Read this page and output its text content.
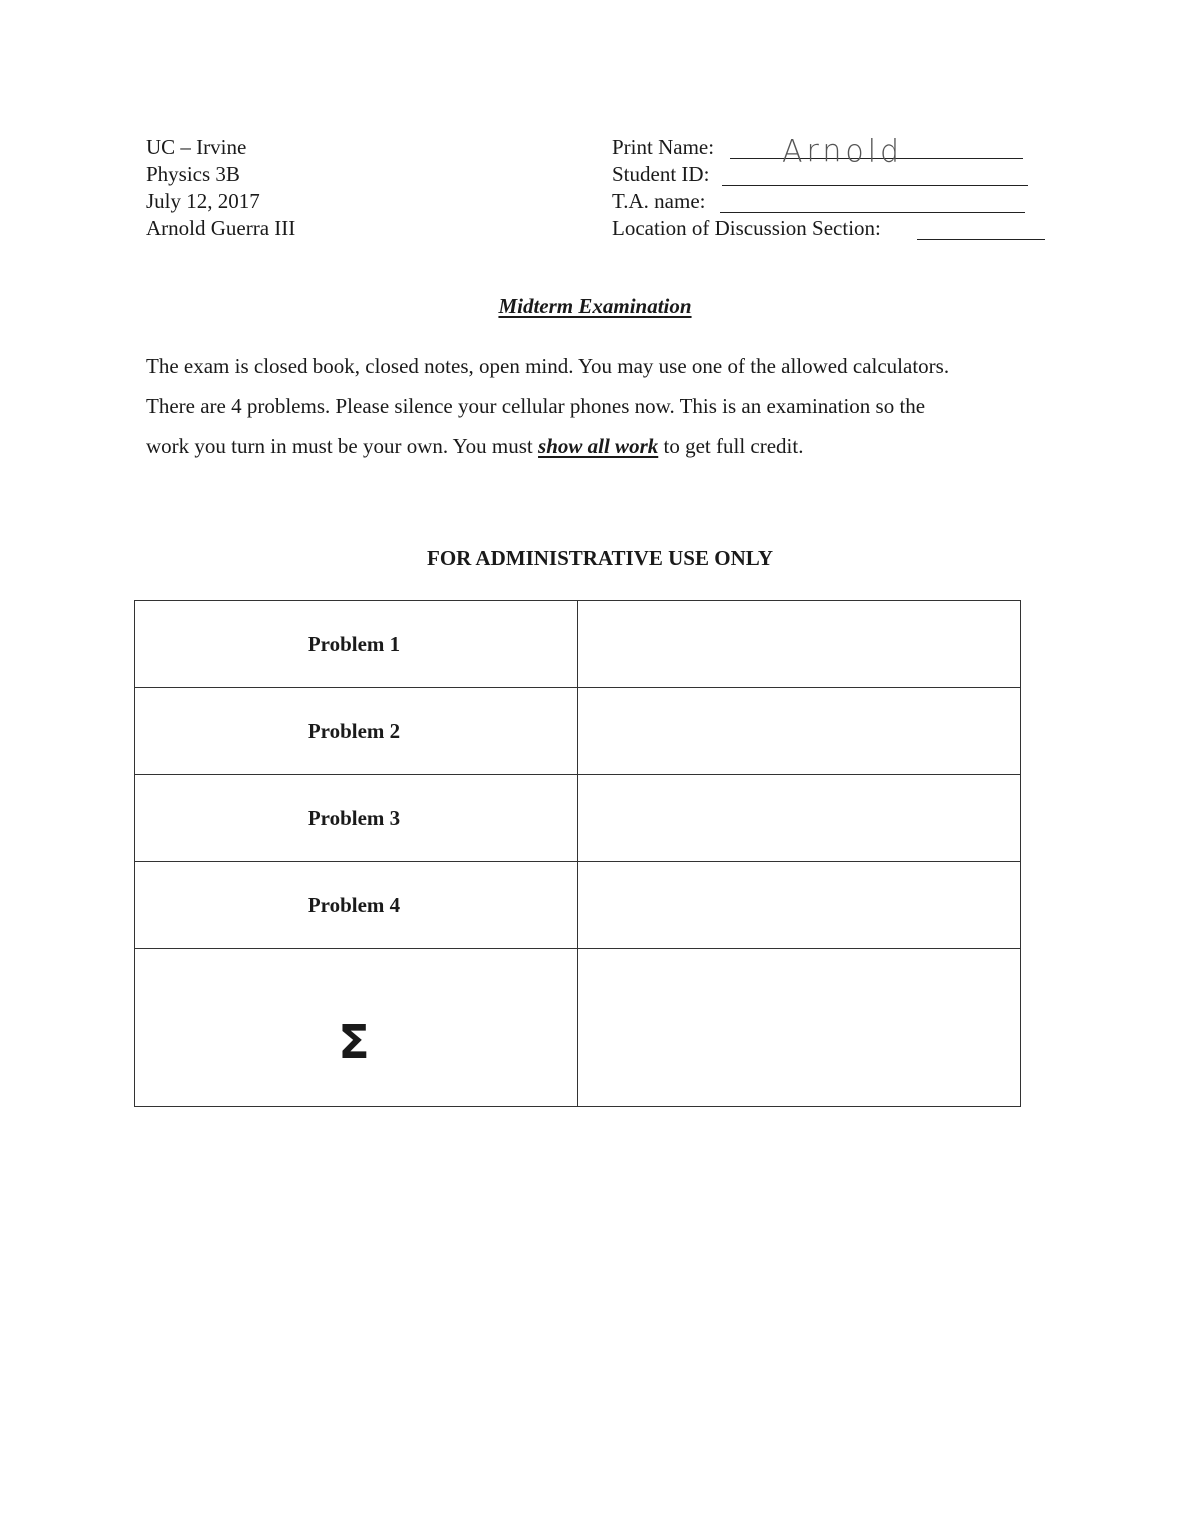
UC – Irvine
Physics 3B
July 12, 2017
Arnold Guerra III
Print Name: Arnold
Student ID:
T.A. name:
Location of Discussion Section:
Midterm Examination
The exam is closed book, closed notes, open mind. You may use one of the allowed calculators.
There are 4 problems. Please silence your cellular phones now. This is an examination so the
work you turn in must be your own. You must show all work to get full credit.
FOR ADMINISTRATIVE USE ONLY
Problem 1	
Problem 2	
Problem 3	
Problem 4	
Σ	
